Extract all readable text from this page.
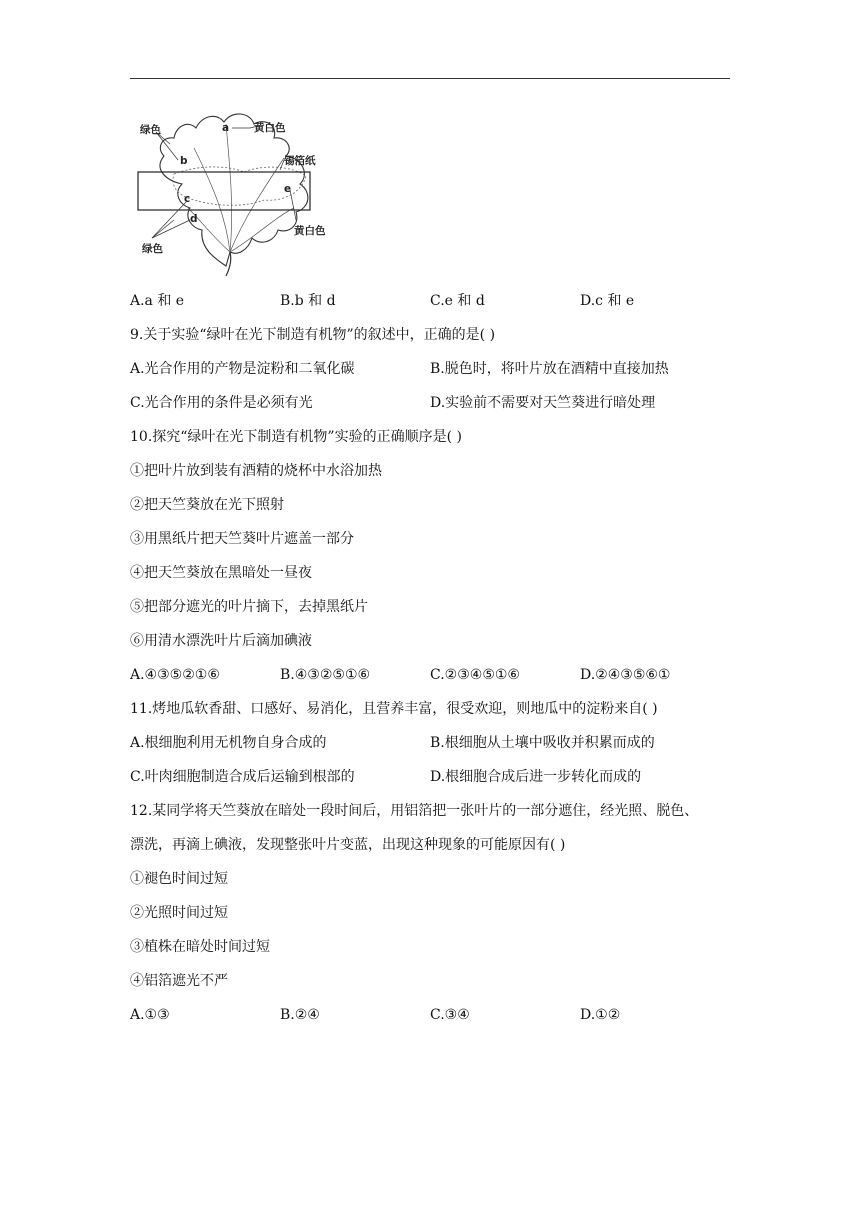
绿色	a 黄白色
b	锡箔纸
e
c
d
黄白色
绿色
A.a 和 e	B.b 和 d	C.e 和 d	D.c 和 e
9.关于实验“绿叶在光下制造有机物”的叙述中，正确的是( )
A.光合作用的产物是淀粉和二氧化碳	B.脱色时，将叶片放在酒精中直接加热
C.光合作用的条件是必须有光	D.实验前不需要对天竺葵进行暗处理
10.探究“绿叶在光下制造有机物”实验的正确顺序是( )
①把叶片放到装有酒精的烧杯中水浴加热
②把天竺葵放在光下照射
③用黑纸片把天竺葵叶片遮盖一部分
④把天竺葵放在黑暗处一昼夜
⑤把部分遮光的叶片摘下，去掉黑纸片
⑥用清水漂洗叶片后滴加碘液
A.④③⑤②①⑥	B.④③②⑤①⑥	C.②③④⑤①⑥	D.②④③⑤⑥①
11.烤地瓜软香甜、口感好、易消化，且营养丰富，很受欢迎，则地瓜中的淀粉来自( )
A.根细胞利用无机物自身合成的	B.根细胞从土壤中吸收并积累而成的
C.叶肉细胞制造合成后运输到根部的	D.根细胞合成后进一步转化而成的
12.某同学将天竺葵放在暗处一段时间后，用铝箔把一张叶片的一部分遮住，经光照、脱色、
漂洗，再滴上碘液，发现整张叶片变蓝，出现这种现象的可能原因有( )
①褪色时间过短
②光照时间过短
③植株在暗处时间过短
④铝箔遮光不严
A.①③	B.②④	C.③④	D.①②
